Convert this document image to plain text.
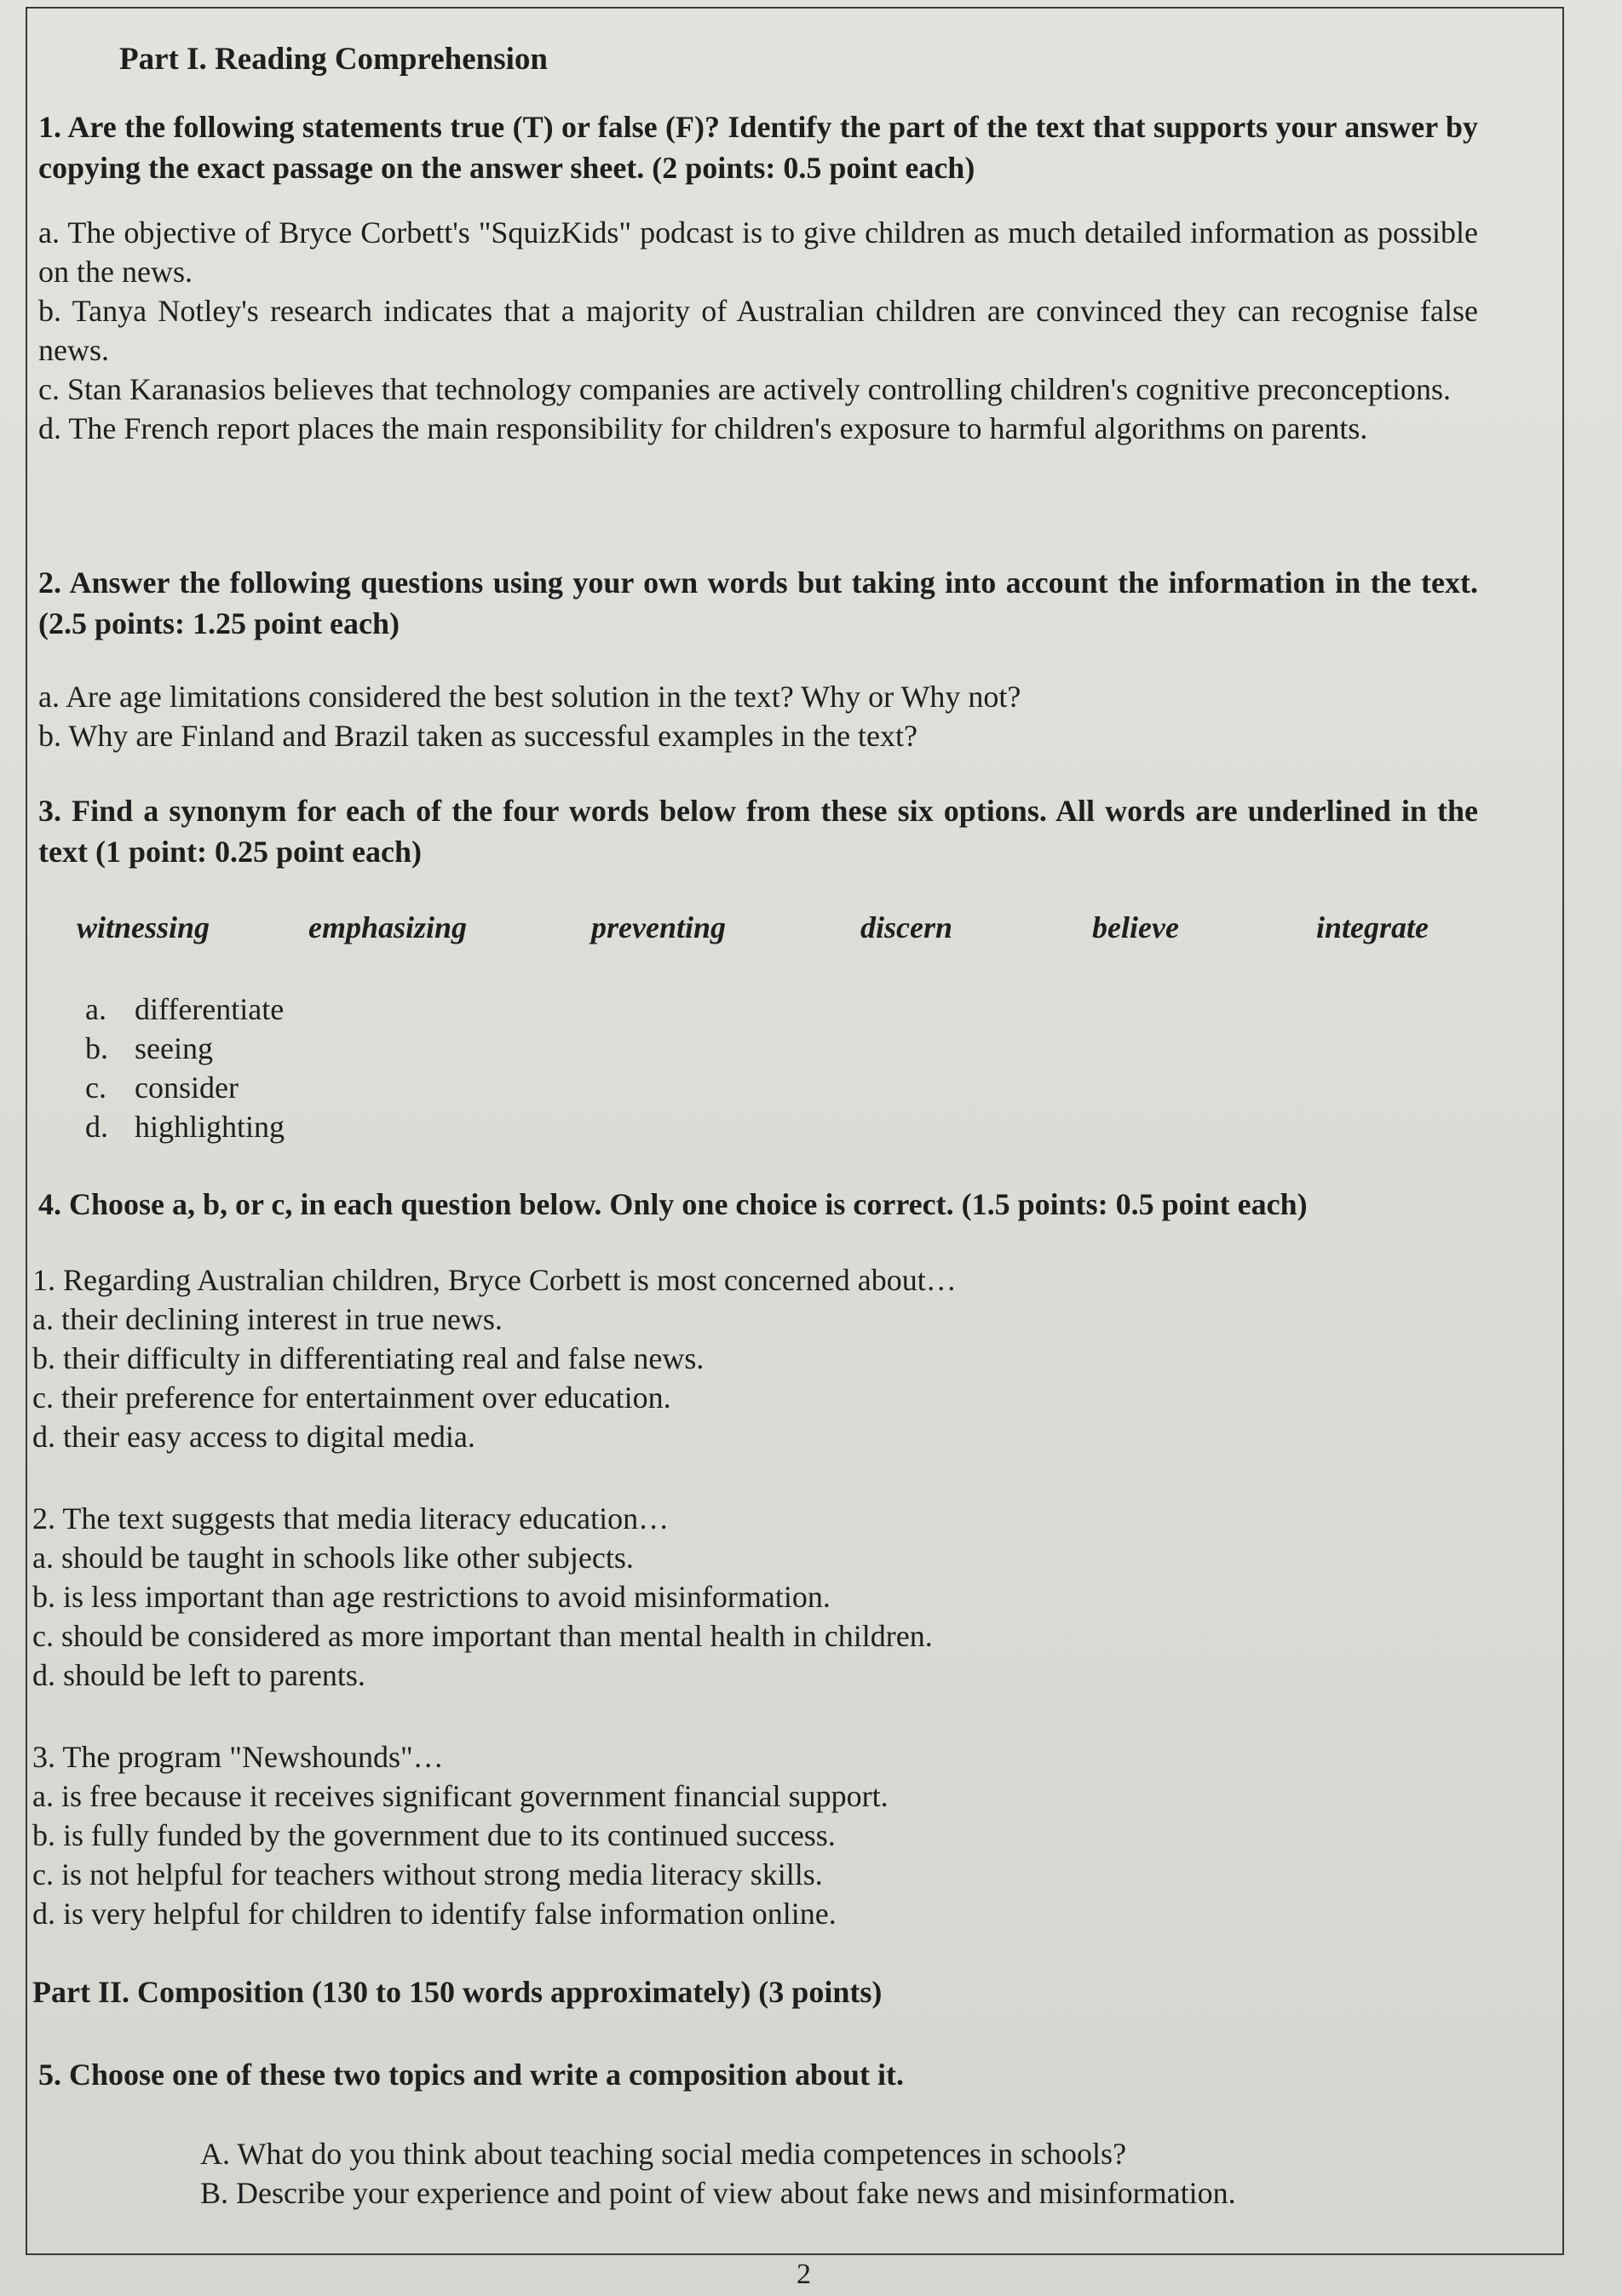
Part I. Reading Comprehension

1. Are the following statements true (T) or false (F)? Identify the part of the text that supports your answer by copying the exact passage on the answer sheet. (2 points: 0.5 point each)

a. The objective of Bryce Corbett's "SquizKids" podcast is to give children as much detailed information as possible on the news.

b. Tanya Notley's research indicates that a majority of Australian children are convinced they can recognise false news.

c. Stan Karanasios believes that technology companies are actively controlling children's cognitive preconceptions.

d. The French report places the main responsibility for children's exposure to harmful algorithms on parents.

2. Answer the following questions using your own words but taking into account the information in the text. (2.5 points: 1.25 point each)

a. Are age limitations considered the best solution in the text? Why or Why not?

b. Why are Finland and Brazil taken as successful examples in the text?

3. Find a synonym for each of the four words below from these six options. All words are underlined in the text (1 point: 0.25 point each)

witnessing	emphasizing	preventing	discern	believe	integrate
a. differentiate
b. seeing
c. consider
d. highlighting

4. Choose a, b, or c, in each question below. Only one choice is correct. (1.5 points: 0.5 point each)

1. Regarding Australian children, Bryce Corbett is most concerned about…

a. their declining interest in true news.

b. their difficulty in differentiating real and false news.

c. their preference for entertainment over education.

d. their easy access to digital media.

2. The text suggests that media literacy education…

a. should be taught in schools like other subjects.

b. is less important than age restrictions to avoid misinformation.

c. should be considered as more important than mental health in children.

d. should be left to parents.

3. The program "Newshounds"…

a. is free because it receives significant government financial support.

b. is fully funded by the government due to its continued success.

c. is not helpful for teachers without strong media literacy skills.

d. is very helpful for children to identify false information online.

Part II. Composition (130 to 150 words approximately) (3 points)

5. Choose one of these two topics and write a composition about it.

A. What do you think about teaching social media competences in schools?

B. Describe your experience and point of view about fake news and misinformation.

2
